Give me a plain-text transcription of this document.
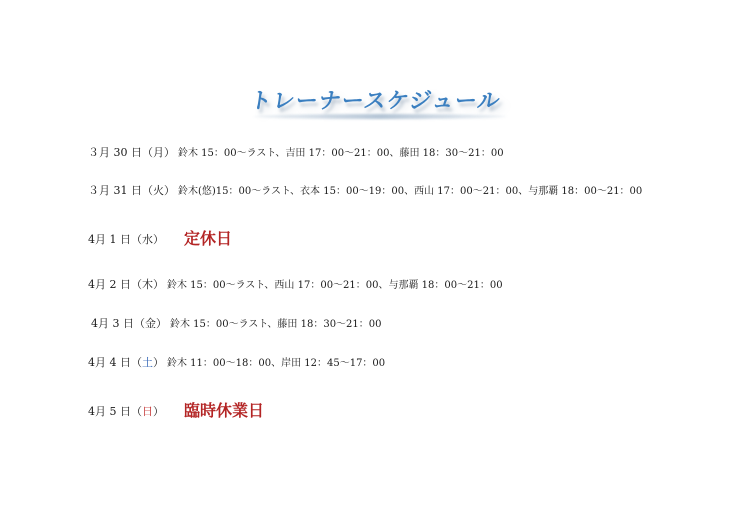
トレーナースケジュール
３月 30 日（月） 鈴木 15：00～ラスト、吉田 17：00～21：00、藤田 18：30～21：00
３月 31 日（火） 鈴木(悠)15：00～ラスト、衣本 15：00～19：00、西山 17：00～21：00、与那覇 18：00～21：00
4月 1 日（水） 定休日
4月 2 日（木） 鈴木 15：00～ラスト、西山 17：00～21：00、与那覇 18：00～21：00
4月 3 日（金） 鈴木 15：00～ラスト、藤田 18：30～21：00
4月 4 日（土） 鈴木 11：00～18：00、岸田 12：45～17：00
4月 5 日（日） 臨時休業日
